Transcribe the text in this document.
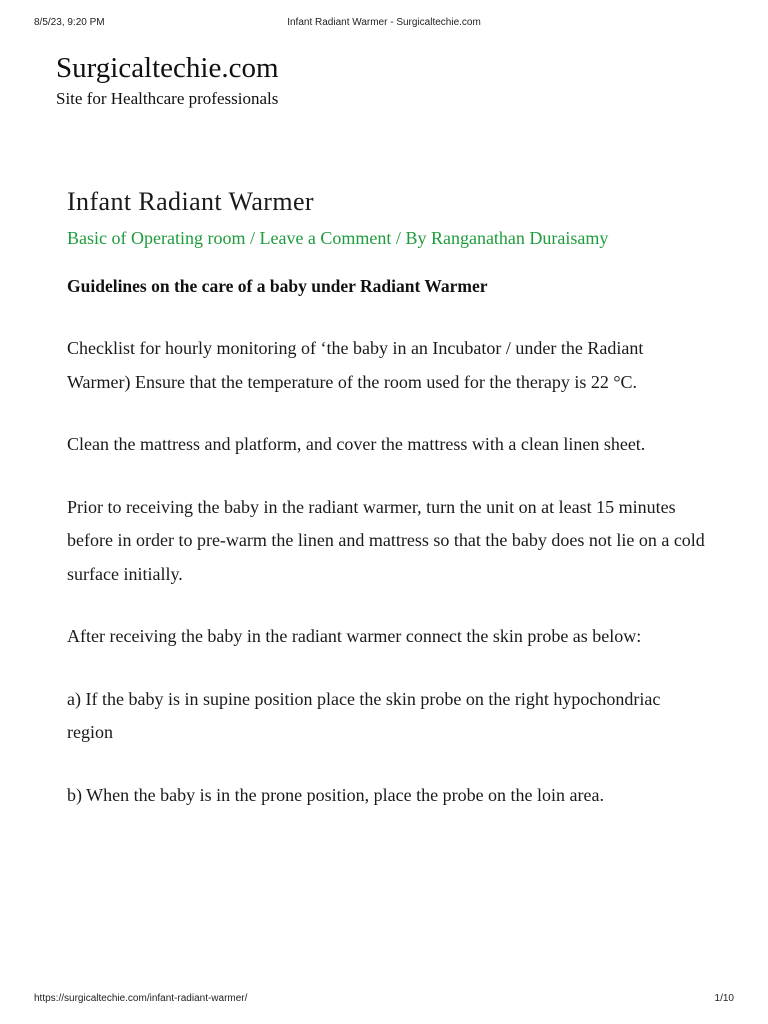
Infant Radiant Warmer - Surgicaltechie.com
8/5/23, 9:20 PM
Surgicaltechie.com
Site for Healthcare professionals
Infant Radiant Warmer
Basic of Operating room / Leave a Comment / By Ranganathan Duraisamy
Guidelines on the care of a baby under Radiant Warmer

Checklist for hourly monitoring of ‘the baby in an Incubator / under the Radiant Warmer) Ensure that the temperature of the room used for the therapy is 22 °C.

Clean the mattress and platform, and cover the mattress with a clean linen sheet.

Prior to receiving the baby in the radiant warmer, turn the unit on at least 15 minutes before in order to pre-warm the linen and mattress so that the baby does not lie on a cold surface initially.

After receiving the baby in the radiant warmer connect the skin probe as below:

a) If the baby is in supine position place the skin probe on the right hypochondriac region

b) When the baby is in the prone position, place the probe on the loin area.

https://surgicaltechie.com/infant-radiant-warmer/	1/10
